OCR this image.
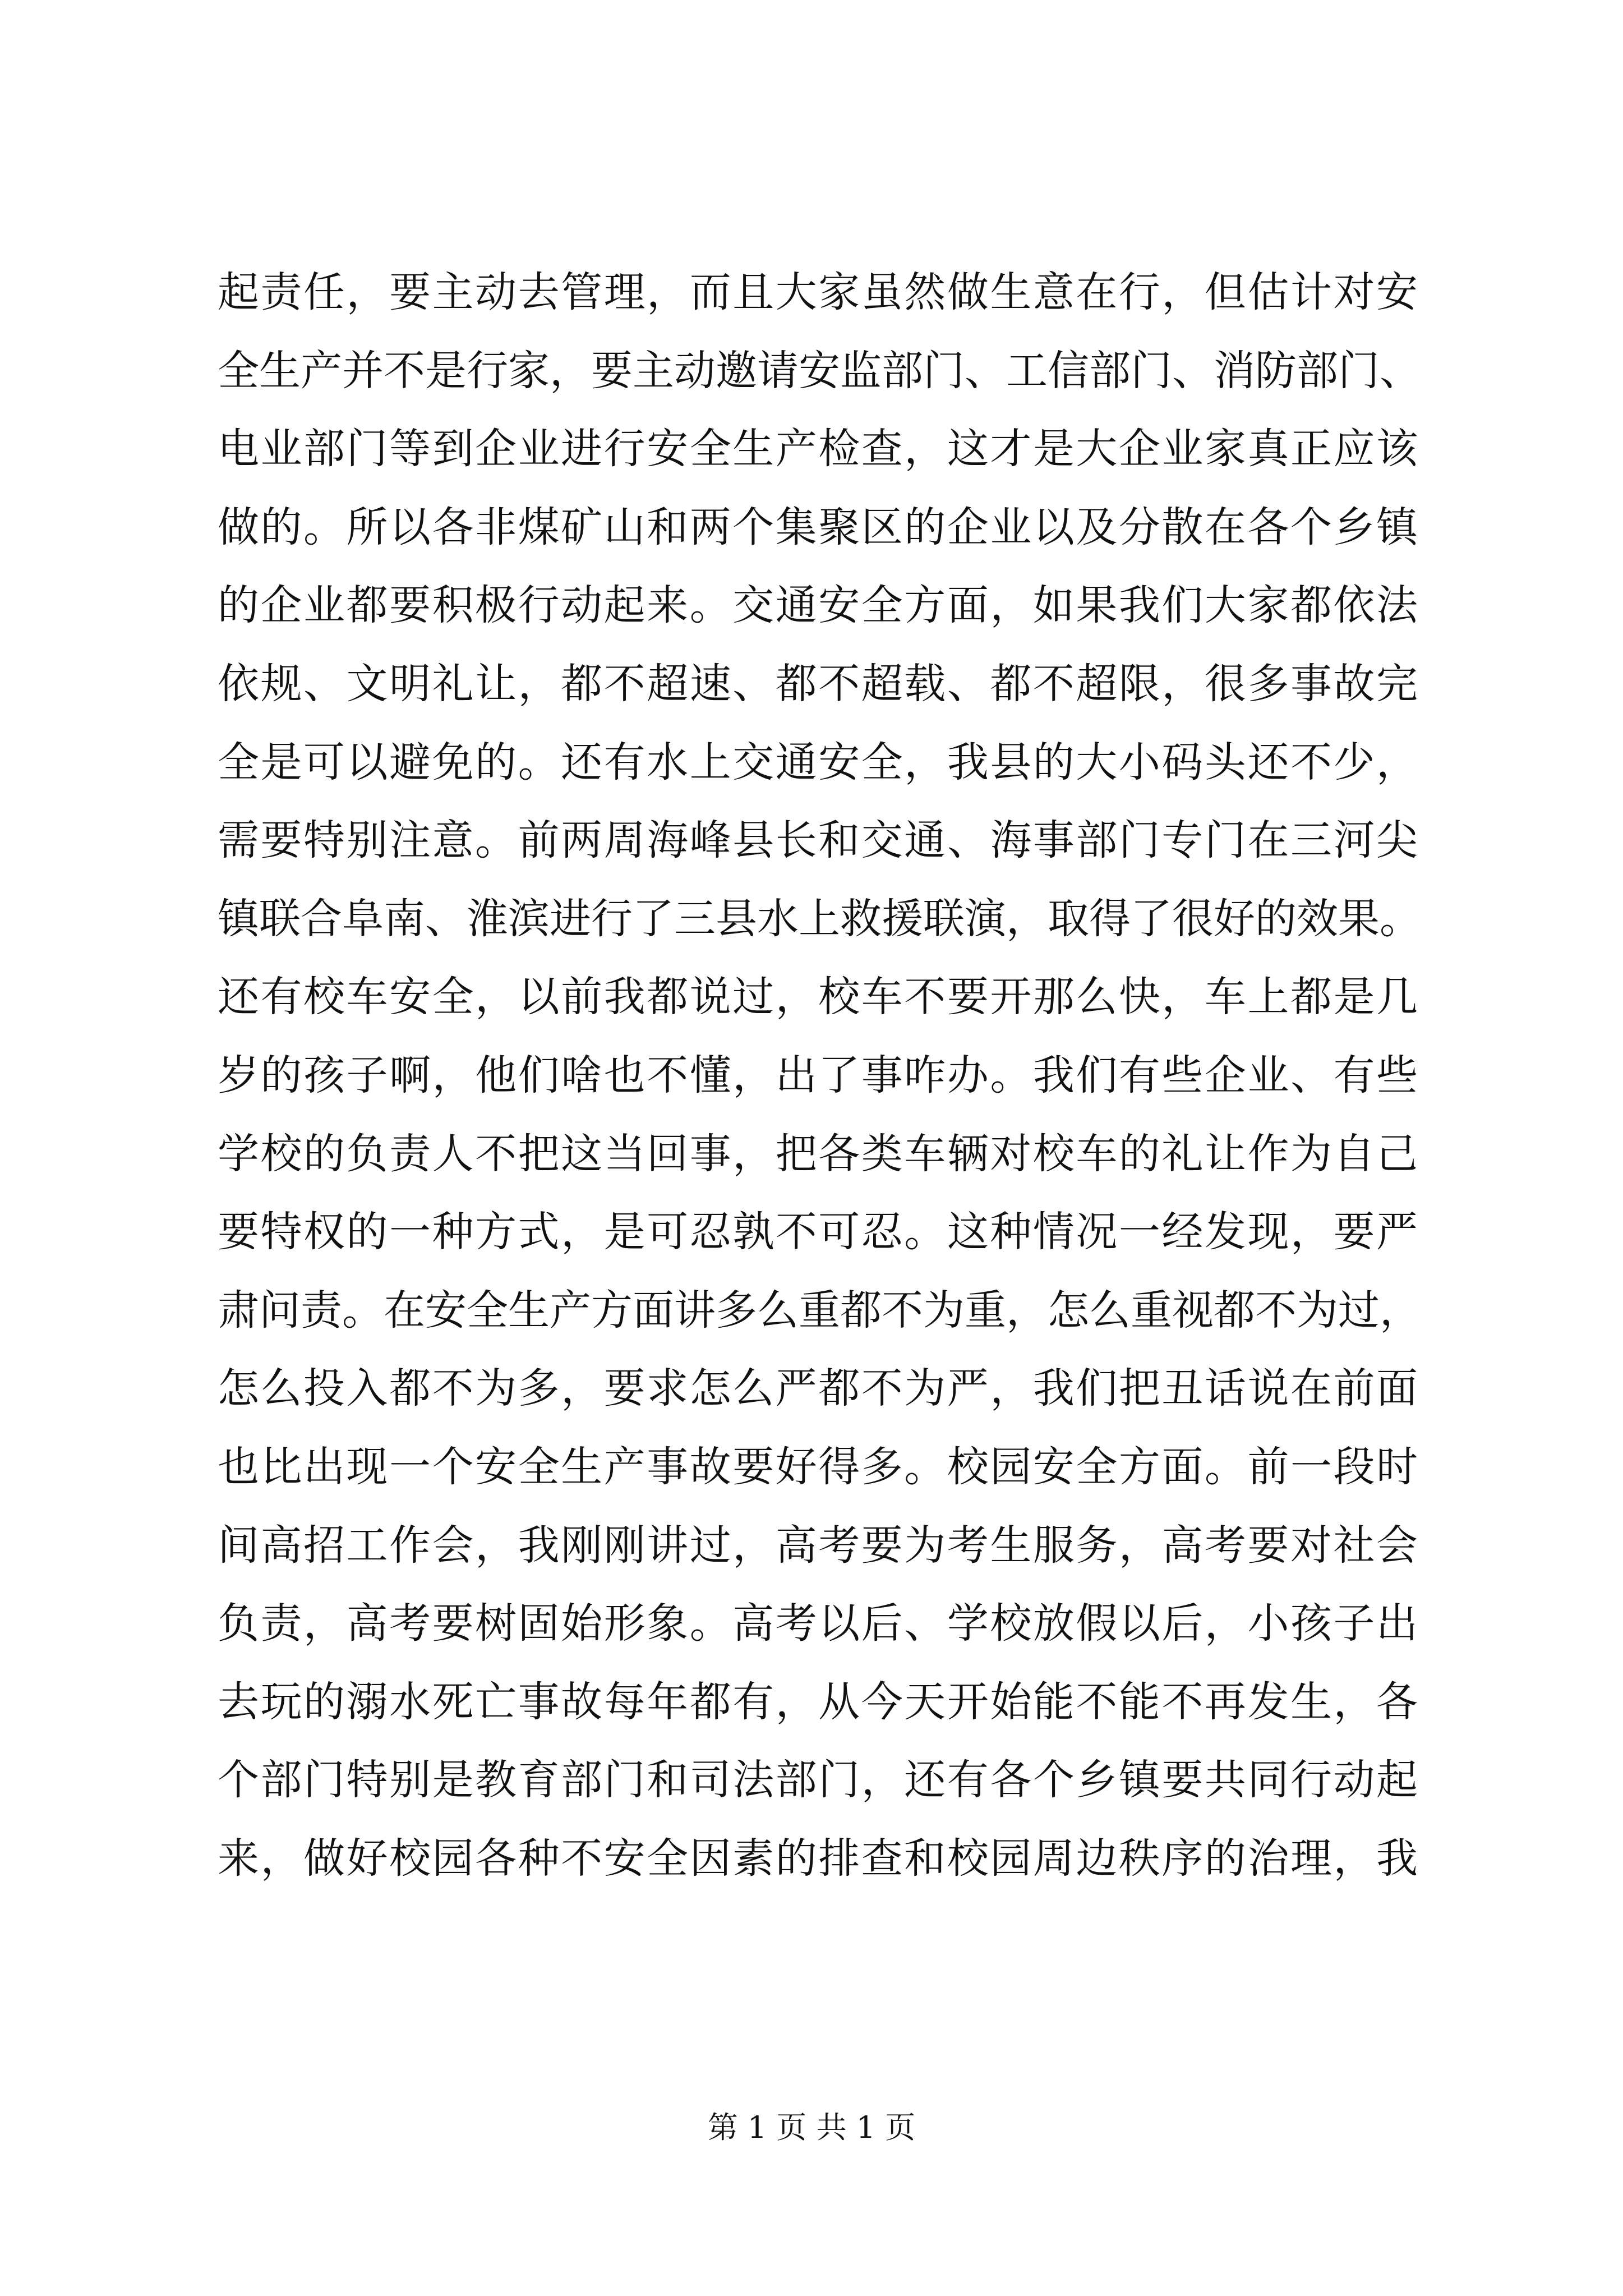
起责任，要主动去管理，而且大家虽然做生意在行，但估计对安
全生产并不是行家，要主动邀请安监部门、工信部门、消防部门、
电业部门等到企业进行安全生产检查，这才是大企业家真正应该
做的。所以各非煤矿山和两个集聚区的企业以及分散在各个乡镇
的企业都要积极行动起来。交通安全方面，如果我们大家都依法
依规、文明礼让，都不超速、都不超载、都不超限，很多事故完
全是可以避免的。还有水上交通安全，我县的大小码头还不少，
需要特别注意。前两周海峰县长和交通、海事部门专门在三河尖
镇联合阜南、淮滨进行了三县水上救援联演，取得了很好的效果。
还有校车安全，以前我都说过，校车不要开那么快，车上都是几
岁的孩子啊，他们啥也不懂，出了事咋办。我们有些企业、有些
学校的负责人不把这当回事，把各类车辆对校车的礼让作为自己
要特权的一种方式，是可忍孰不可忍。这种情况一经发现，要严
肃问责。在安全生产方面讲多么重都不为重，怎么重视都不为过，
怎么投入都不为多，要求怎么严都不为严，我们把丑话说在前面
也比出现一个安全生产事故要好得多。校园安全方面。前一段时
间高招工作会，我刚刚讲过，高考要为考生服务，高考要对社会
负责，高考要树固始形象。高考以后、学校放假以后，小孩子出
去玩的溺水死亡事故每年都有，从今天开始能不能不再发生，各
个部门特别是教育部门和司法部门，还有各个乡镇要共同行动起
来，做好校园各种不安全因素的排查和校园周边秩序的治理，我
第 1 页 共 1 页
